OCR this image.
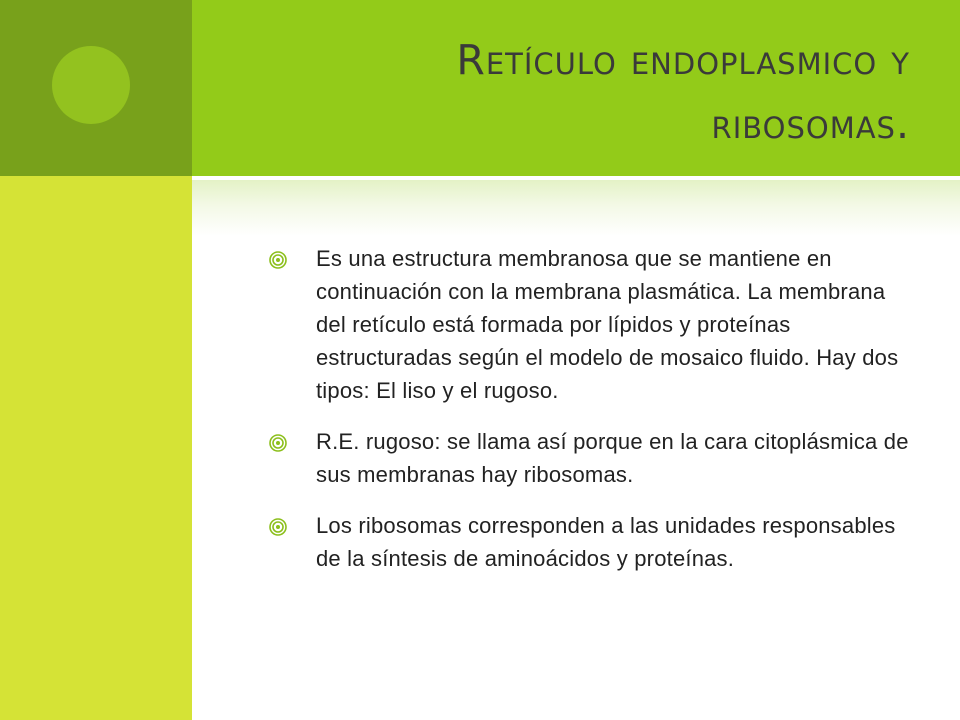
Retículo endoplasmico y
ribosomas.
Es una estructura membranosa que se mantiene en continuación con la membrana plasmática. La membrana del retículo está formada por lípidos y proteínas estructuradas según el modelo de mosaico fluido. Hay dos tipos: El liso y el rugoso.
R.E. rugoso: se llama así porque en la cara citoplásmica de sus membranas hay ribosomas.
Los ribosomas corresponden a las unidades responsables de la síntesis de aminoácidos y proteínas.
